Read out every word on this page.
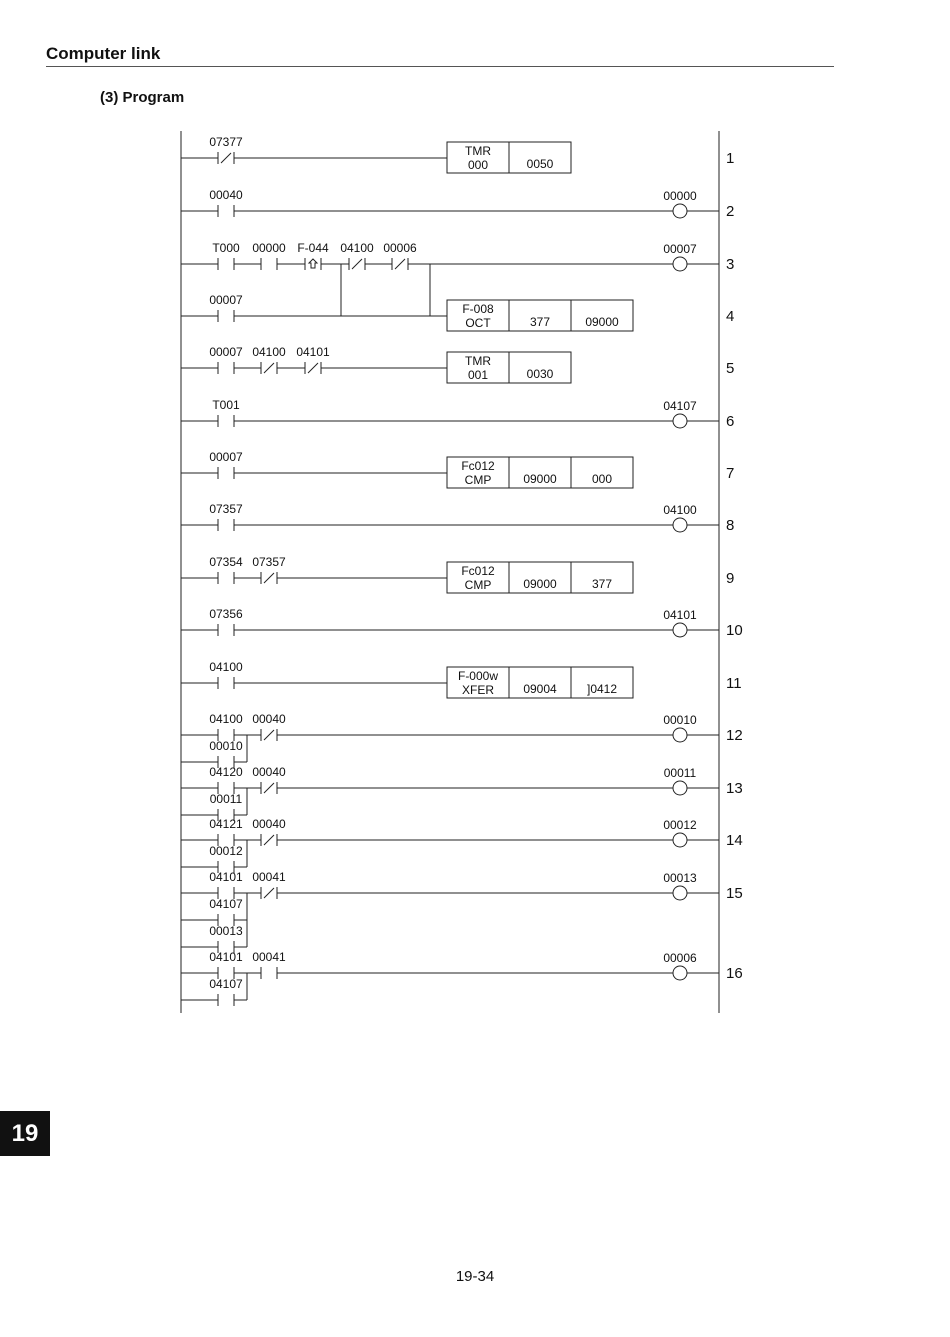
Computer link
(3) Program
1
07377
TMR
000	0050
2
00040	00000
3
T000 00000 F-044 04100 00006	00007
4
00007
F-008
OCT	377	09000
5
00007 04100 04101
TMR
001	0030
6
T001	04107
7
00007
Fc012
CMP	09000	000
8
07357	04100
9
07354 07357
Fc012
CMP	09000	377
10
07356	04101
11
04100
F-000w
XFER 09004	]0412
12
04100 00040
00010
00010
13
04120 00040
00011
00011
14
04121 00040
00012
00012
15
04101 00041
04107
00013
00013
16
04101 00041
04107
00006
19
19-34
